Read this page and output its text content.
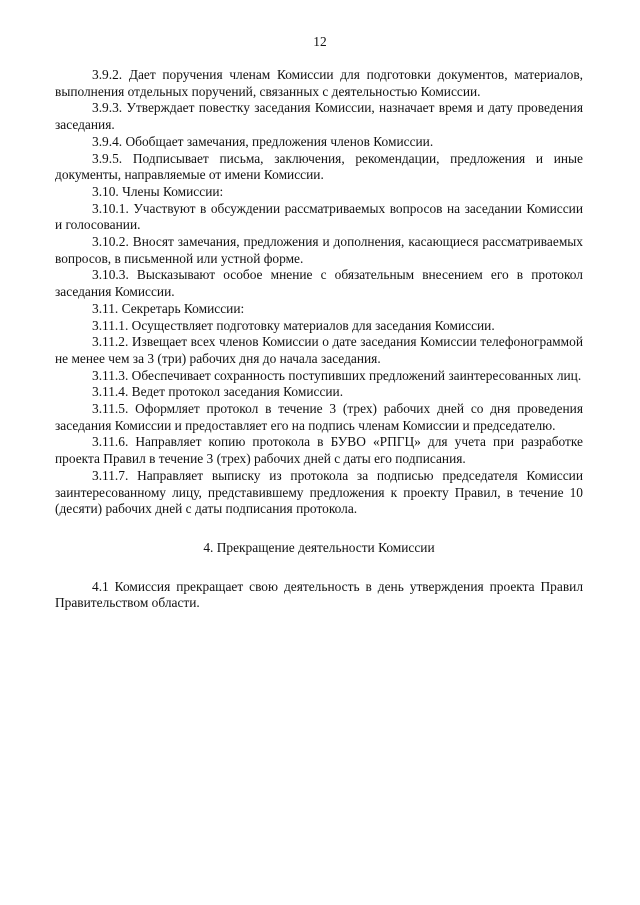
12

3.9.2. Дает поручения членам Комиссии для подготовки документов, материалов, выполнения отдельных поручений, связанных с деятельностью Комиссии.

3.9.3. Утверждает повестку заседания Комиссии, назначает время и дату проведения заседания.

3.9.4. Обобщает замечания, предложения членов Комиссии.

3.9.5. Подписывает письма, заключения, рекомендации, предложения и иные документы, направляемые от имени Комиссии.

3.10. Члены Комиссии:

3.10.1. Участвуют в обсуждении рассматриваемых вопросов на заседании Комиссии и голосовании.

3.10.2. Вносят замечания, предложения и дополнения, касающиеся рассматриваемых вопросов, в письменной или устной форме.

3.10.3. Высказывают особое мнение с обязательным внесением его в протокол заседания Комиссии.

3.11. Секретарь Комиссии:

3.11.1. Осуществляет подготовку материалов для заседания Комиссии.

3.11.2. Извещает всех членов Комиссии о дате заседания Комиссии телефонограммой не менее чем за 3 (три) рабочих дня до начала заседания.

3.11.3. Обеспечивает сохранность поступивших предложений заинтересованных лиц.

3.11.4. Ведет протокол заседания Комиссии.

3.11.5. Оформляет протокол в течение 3 (трех) рабочих дней со дня проведения заседания Комиссии и предоставляет его на подпись членам Комиссии и председателю.

3.11.6. Направляет копию протокола в БУВО «РПГЦ» для учета при разработке проекта Правил в течение 3 (трех) рабочих дней с даты его подписания.

3.11.7. Направляет выписку из протокола за подписью председателя Комиссии заинтересованному лицу, представившему предложения к проекту Правил, в течение 10 (десяти) рабочих дней с даты подписания протокола.

4. Прекращение деятельности Комиссии

4.1 Комиссия прекращает свою деятельность в день утверждения проекта Правил Правительством области.
